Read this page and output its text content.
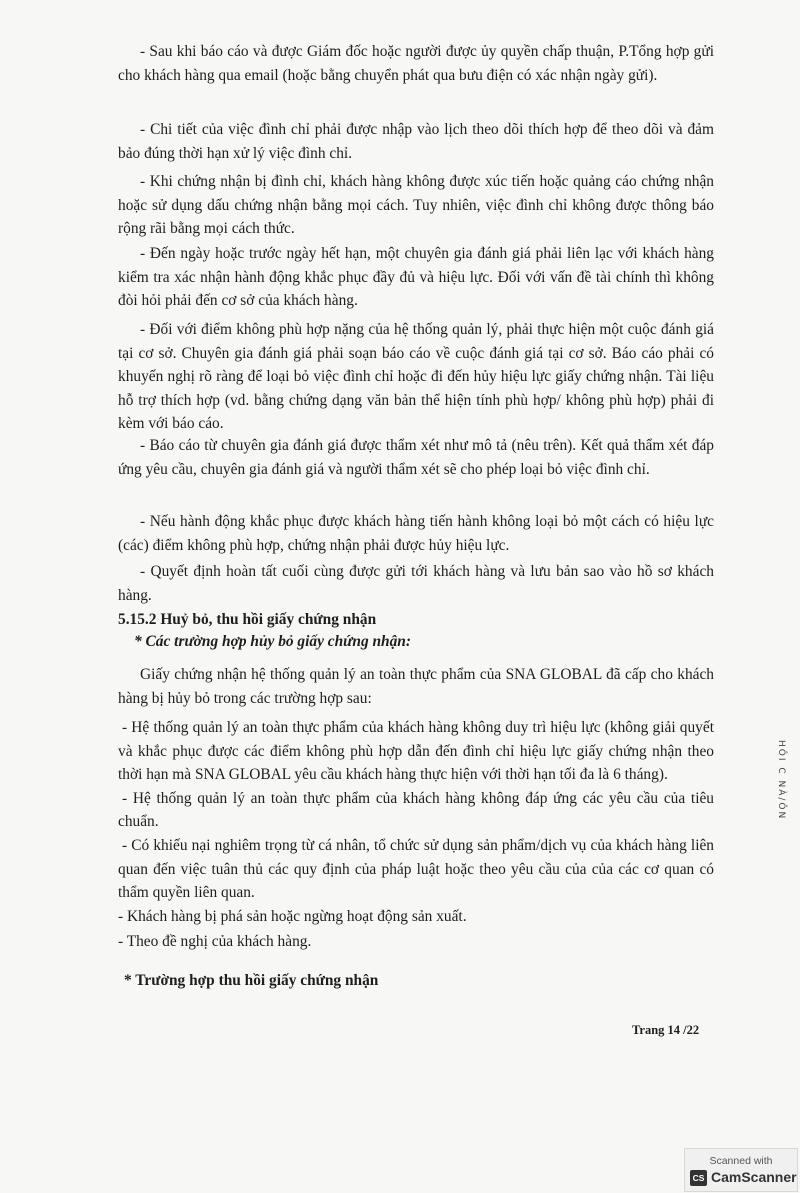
- Sau khi báo cáo và được Giám đốc hoặc người được ủy quyền chấp thuận, P.Tổng hợp gửi cho khách hàng qua email (hoặc bằng chuyển phát qua bưu điện có xác nhận ngày gửi).

- Chi tiết của việc đình chỉ phải được nhập vào lịch theo dõi thích hợp để theo dõi và đảm bảo đúng thời hạn xử lý việc đình chỉ.

- Khi chứng nhận bị đình chỉ, khách hàng không được xúc tiến hoặc quảng cáo chứng nhận hoặc sử dụng dấu chứng nhận bằng mọi cách. Tuy nhiên, việc đình chỉ không được thông báo rộng rãi bằng mọi cách thức.

- Đến ngày hoặc trước ngày hết hạn, một chuyên gia đánh giá phải liên lạc với khách hàng kiểm tra xác nhận hành động khắc phục đầy đủ và hiệu lực. Đối với vấn đề tài chính thì không đòi hỏi phải đến cơ sở của khách hàng.

- Đối với điểm không phù hợp nặng của hệ thống quản lý, phải thực hiện một cuộc đánh giá tại cơ sở. Chuyên gia đánh giá phải soạn báo cáo về cuộc đánh giá tại cơ sở. Báo cáo phải có khuyến nghị rõ ràng để loại bỏ việc đình chỉ hoặc đi đến hủy hiệu lực giấy chứng nhận. Tài liệu hỗ trợ thích hợp (vd. bằng chứng dạng văn bản thể hiện tính phù hợp/ không phù hợp) phải đi kèm với báo cáo.

- Báo cáo từ chuyên gia đánh giá được thẩm xét như mô tả (nêu trên). Kết quả thẩm xét đáp ứng yêu cầu, chuyên gia đánh giá và người thẩm xét sẽ cho phép loại bỏ việc đình chỉ.

- Nếu hành động khắc phục được khách hàng tiến hành không loại bỏ một cách có hiệu lực (các) điểm không phù hợp, chứng nhận phải được hủy hiệu lực.

- Quyết định hoàn tất cuối cùng được gửi tới khách hàng và lưu bản sao vào hồ sơ khách hàng.

5.15.2 Huỷ bỏ, thu hồi giấy chứng nhận
* Các trường hợp hủy bỏ giấy chứng nhận:

Giấy chứng nhận hệ thống quản lý an toàn thực phẩm của SNA GLOBAL đã cấp cho khách hàng bị hủy bỏ trong các trường hợp sau:

- Hệ thống quản lý an toàn thực phẩm của khách hàng không duy trì hiệu lực (không giải quyết và khắc phục được các điểm không phù hợp dẫn đến đình chỉ hiệu lực giấy chứng nhận theo thời hạn mà SNA GLOBAL yêu cầu khách hàng thực hiện với thời hạn tối đa là 6 tháng).

- Hệ thống quản lý an toàn thực phẩm của khách hàng không đáp ứng các yêu cầu của tiêu chuẩn.

- Có khiếu nại nghiêm trọng từ cá nhân, tổ chức sử dụng sản phẩm/dịch vụ của khách hàng liên quan đến việc tuân thủ các quy định của pháp luật hoặc theo yêu cầu của của các cơ quan có thẩm quyền liên quan.

- Khách hàng bị phá sản hoặc ngừng hoạt động sản xuất.

- Theo đề nghị của khách hàng.

* Trường hợp thu hồi giấy chứng nhận
Trang 14 /22
HÔI C NÀ/ÔN
Scanned with
CS CamScanner
